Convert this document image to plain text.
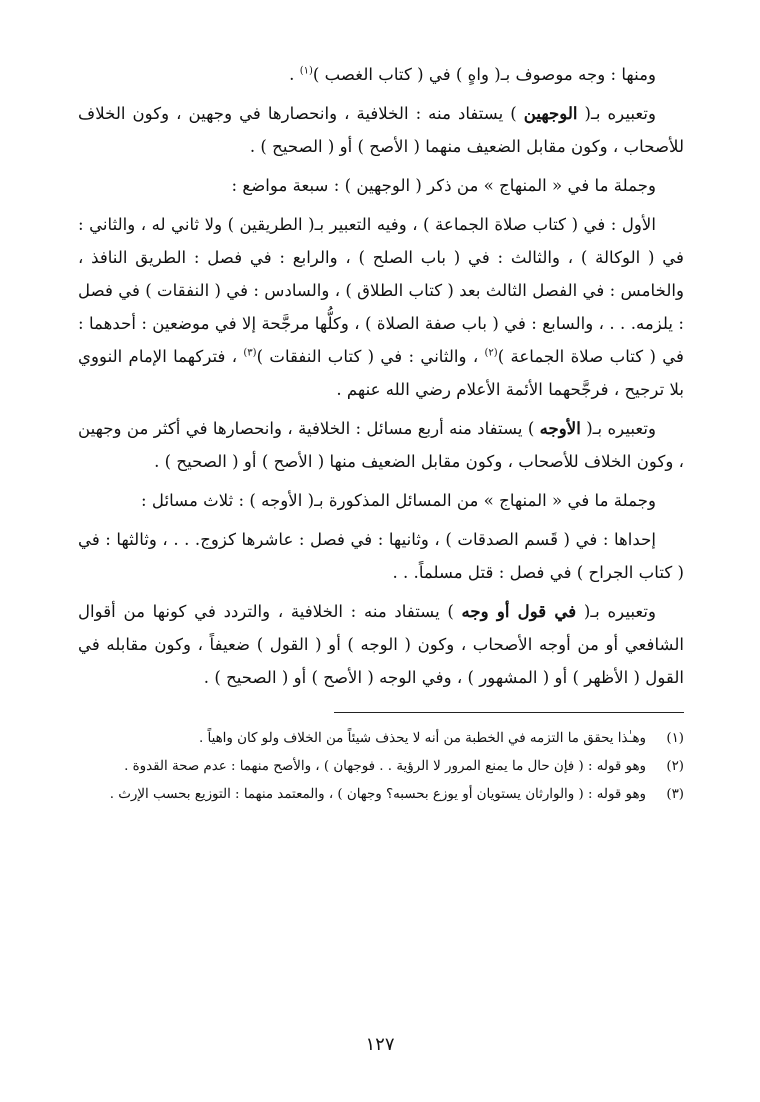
ومنها : وجه موصوف بـ( واهٍ ) في ( كتاب الغصب )$^{(١)}$ .

وتعبيره بـ( الوجهين ) يستفاد منه : الخلافية ، وانحصارها في وجهين ، وكون الخلاف للأصحاب ، وكون مقابل الضعيف منهما ( الأصح ) أو ( الصحيح ) .

وجملة ما في « المنهاج » من ذكر ( الوجهين ) : سبعة مواضع :

الأول : في ( كتاب صلاة الجماعة ) ، وفيه التعبير بـ( الطريقين ) ولا ثاني له ، والثاني : في ( الوكالة ) ، والثالث : في ( باب الصلح ) ، والرابع : في فصل : الطريق النافذ ، والخامس : في الفصل الثالث بعد ( كتاب الطلاق ) ، والسادس : في ( النفقات ) في فصل : يلزمه. . . ، والسابع : في ( باب صفة الصلاة ) ، وكلُّها مرجَّحة إلا في موضعين : أحدهما : في ( كتاب صلاة الجماعة )$^{(٢)}$ ، والثاني : في ( كتاب النفقات )$^{(٣)}$ ، فتركهما الإمام النووي بلا ترجيح ، فرجَّحهما الأئمة الأعلام رضي الله عنهم .

وتعبيره بـ( الأوجه ) يستفاد منه أربع مسائل : الخلافية ، وانحصارها في أكثر من وجهين ، وكون الخلاف للأصحاب ، وكون مقابل الضعيف منها ( الأصح ) أو ( الصحيح ) .

وجملة ما في « المنهاج » من المسائل المذكورة بـ( الأوجه ) : ثلاث مسائل :

إحداها : في ( قَسم الصدقات ) ، وثانيها : في فصل : عاشرها كزوج. . . ، وثالثها : في ( كتاب الجراح ) في فصل : قتل مسلماً. . .

وتعبيره بـ( في قول أو وجه ) يستفاد منه : الخلافية ، والتردد في كونها من أقوال الشافعي أو من أوجه الأصحاب ، وكون ( الوجه ) أو ( القول ) ضعيفاً ، وكون مقابله في القول ( الأظهر ) أو ( المشهور ) ، وفي الوجه ( الأصح ) أو ( الصحيح ) .

(١)
وهـٰذا يحقق ما التزمه في الخطبة من أنه لا يحذف شيئاً من الخلاف ولو كان واهياً .
(٢)
وهو قوله : ( فإن حال ما يمنع المرور لا الرؤية . . فوجهان ) ، والأصح منهما : عدم صحة القدوة .
(٣)
وهو قوله : ( والوارثان يستويان أو يوزع بحسبه؟ وجهان ) ، والمعتمد منهما : التوزيع بحسب الإرث .
١٢٧
